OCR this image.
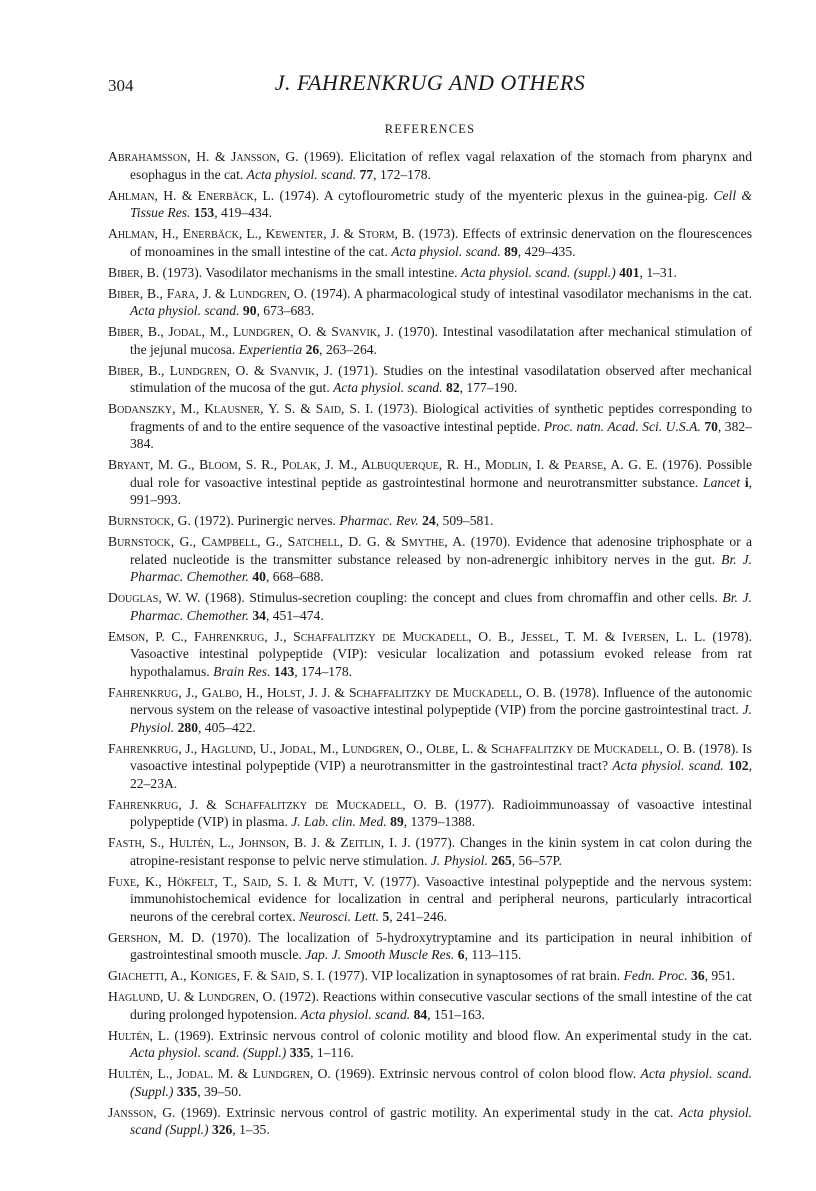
304	J. FAHRENKRUG AND OTHERS
REFERENCES
Abrahamsson, H. & Jansson, G. (1969). Elicitation of reflex vagal relaxation of the stomach from pharynx and esophagus in the cat. Acta physiol. scand. 77, 172–178.
Ahlman, H. & Enerbäck, L. (1974). A cytoflourometric study of the myenteric plexus in the guinea-pig. Cell & Tissue Res. 153, 419–434.
Ahlman, H., Enerbäck, L., Kewenter, J. & Storm, B. (1973). Effects of extrinsic denervation on the flourescences of monoamines in the small intestine of the cat. Acta physiol. scand. 89, 429–435.
Biber, B. (1973). Vasodilator mechanisms in the small intestine. Acta physiol. scand. (suppl.) 401, 1–31.
Biber, B., Fara, J. & Lundgren, O. (1974). A pharmacological study of intestinal vasodilator mechanisms in the cat. Acta physiol. scand. 90, 673–683.
Biber, B., Jodal, M., Lundgren, O. & Svanvik, J. (1970). Intestinal vasodilatation after mechanical stimulation of the jejunal mucosa. Experientia 26, 263–264.
Biber, B., Lundgren, O. & Svanvik, J. (1971). Studies on the intestinal vasodilatation observed after mechanical stimulation of the mucosa of the gut. Acta physiol. scand. 82, 177–190.
Bodanszky, M., Klausner, Y. S. & Said, S. I. (1973). Biological activities of synthetic peptides corresponding to fragments of and to the entire sequence of the vasoactive intestinal peptide. Proc. natn. Acad. Sci. U.S.A. 70, 382–384.
Bryant, M. G., Bloom, S. R., Polak, J. M., Albuquerque, R. H., Modlin, I. & Pearse, A. G. E. (1976). Possible dual role for vasoactive intestinal peptide as gastrointestinal hormone and neurotransmitter substance. Lancet i, 991–993.
Burnstock, G. (1972). Purinergic nerves. Pharmac. Rev. 24, 509–581.
Burnstock, G., Campbell, G., Satchell, D. G. & Smythe, A. (1970). Evidence that adenosine triphosphate or a related nucleotide is the transmitter substance released by non-adrenergic inhibitory nerves in the gut. Br. J. Pharmac. Chemother. 40, 668–688.
Douglas, W. W. (1968). Stimulus-secretion coupling: the concept and clues from chromaffin and other cells. Br. J. Pharmac. Chemother. 34, 451–474.
Emson, P. C., Fahrenkrug, J., Schaffalitzky de Muckadell, O. B., Jessel, T. M. & Iversen, L. L. (1978). Vasoactive intestinal polypeptide (VIP): vesicular localization and potassium evoked release from rat hypothalamus. Brain Res. 143, 174–178.
Fahrenkrug, J., Galbo, H., Holst, J. J. & Schaffalitzky de Muckadell, O. B. (1978). Influence of the autonomic nervous system on the release of vasoactive intestinal polypeptide (VIP) from the porcine gastrointestinal tract. J. Physiol. 280, 405–422.
Fahrenkrug, J., Haglund, U., Jodal, M., Lundgren, O., Olbe, L. & Schaffalitzky de Muckadell, O. B. (1978). Is vasoactive intestinal polypeptide (VIP) a neurotransmitter in the gastrointestinal tract? Acta physiol. scand. 102, 22–23A.
Fahrenkrug, J. & Schaffalitzky de Muckadell, O. B. (1977). Radioimmunoassay of vasoactive intestinal polypeptide (VIP) in plasma. J. Lab. clin. Med. 89, 1379–1388.
Fasth, S., Hultén, L., Johnson, B. J. & Zeitlin, I. J. (1977). Changes in the kinin system in cat colon during the atropine-resistant response to pelvic nerve stimulation. J. Physiol. 265, 56–57P.
Fuxe, K., Hökfelt, T., Said, S. I. & Mutt, V. (1977). Vasoactive intestinal polypeptide and the nervous system: immunohistochemical evidence for localization in central and peripheral neurons, particularly intracortical neurons of the cerebral cortex. Neurosci. Lett. 5, 241–246.
Gershon, M. D. (1970). The localization of 5-hydroxytryptamine and its participation in neural inhibition of gastrointestinal smooth muscle. Jap. J. Smooth Muscle Res. 6, 113–115.
Giachetti, A., Koniges, F. & Said, S. I. (1977). VIP localization in synaptosomes of rat brain. Fedn. Proc. 36, 951.
Haglund, U. & Lundgren, O. (1972). Reactions within consecutive vascular sections of the small intestine of the cat during prolonged hypotension. Acta physiol. scand. 84, 151–163.
Hultén, L. (1969). Extrinsic nervous control of colonic motility and blood flow. An experimental study in the cat. Acta physiol. scand. (Suppl.) 335, 1–116.
Hultén, L., Jodal. M. & Lundgren, O. (1969). Extrinsic nervous control of colon blood flow. Acta physiol. scand. (Suppl.) 335, 39–50.
Jansson, G. (1969). Extrinsic nervous control of gastric motility. An experimental study in the cat. Acta physiol. scand (Suppl.) 326, 1–35.
